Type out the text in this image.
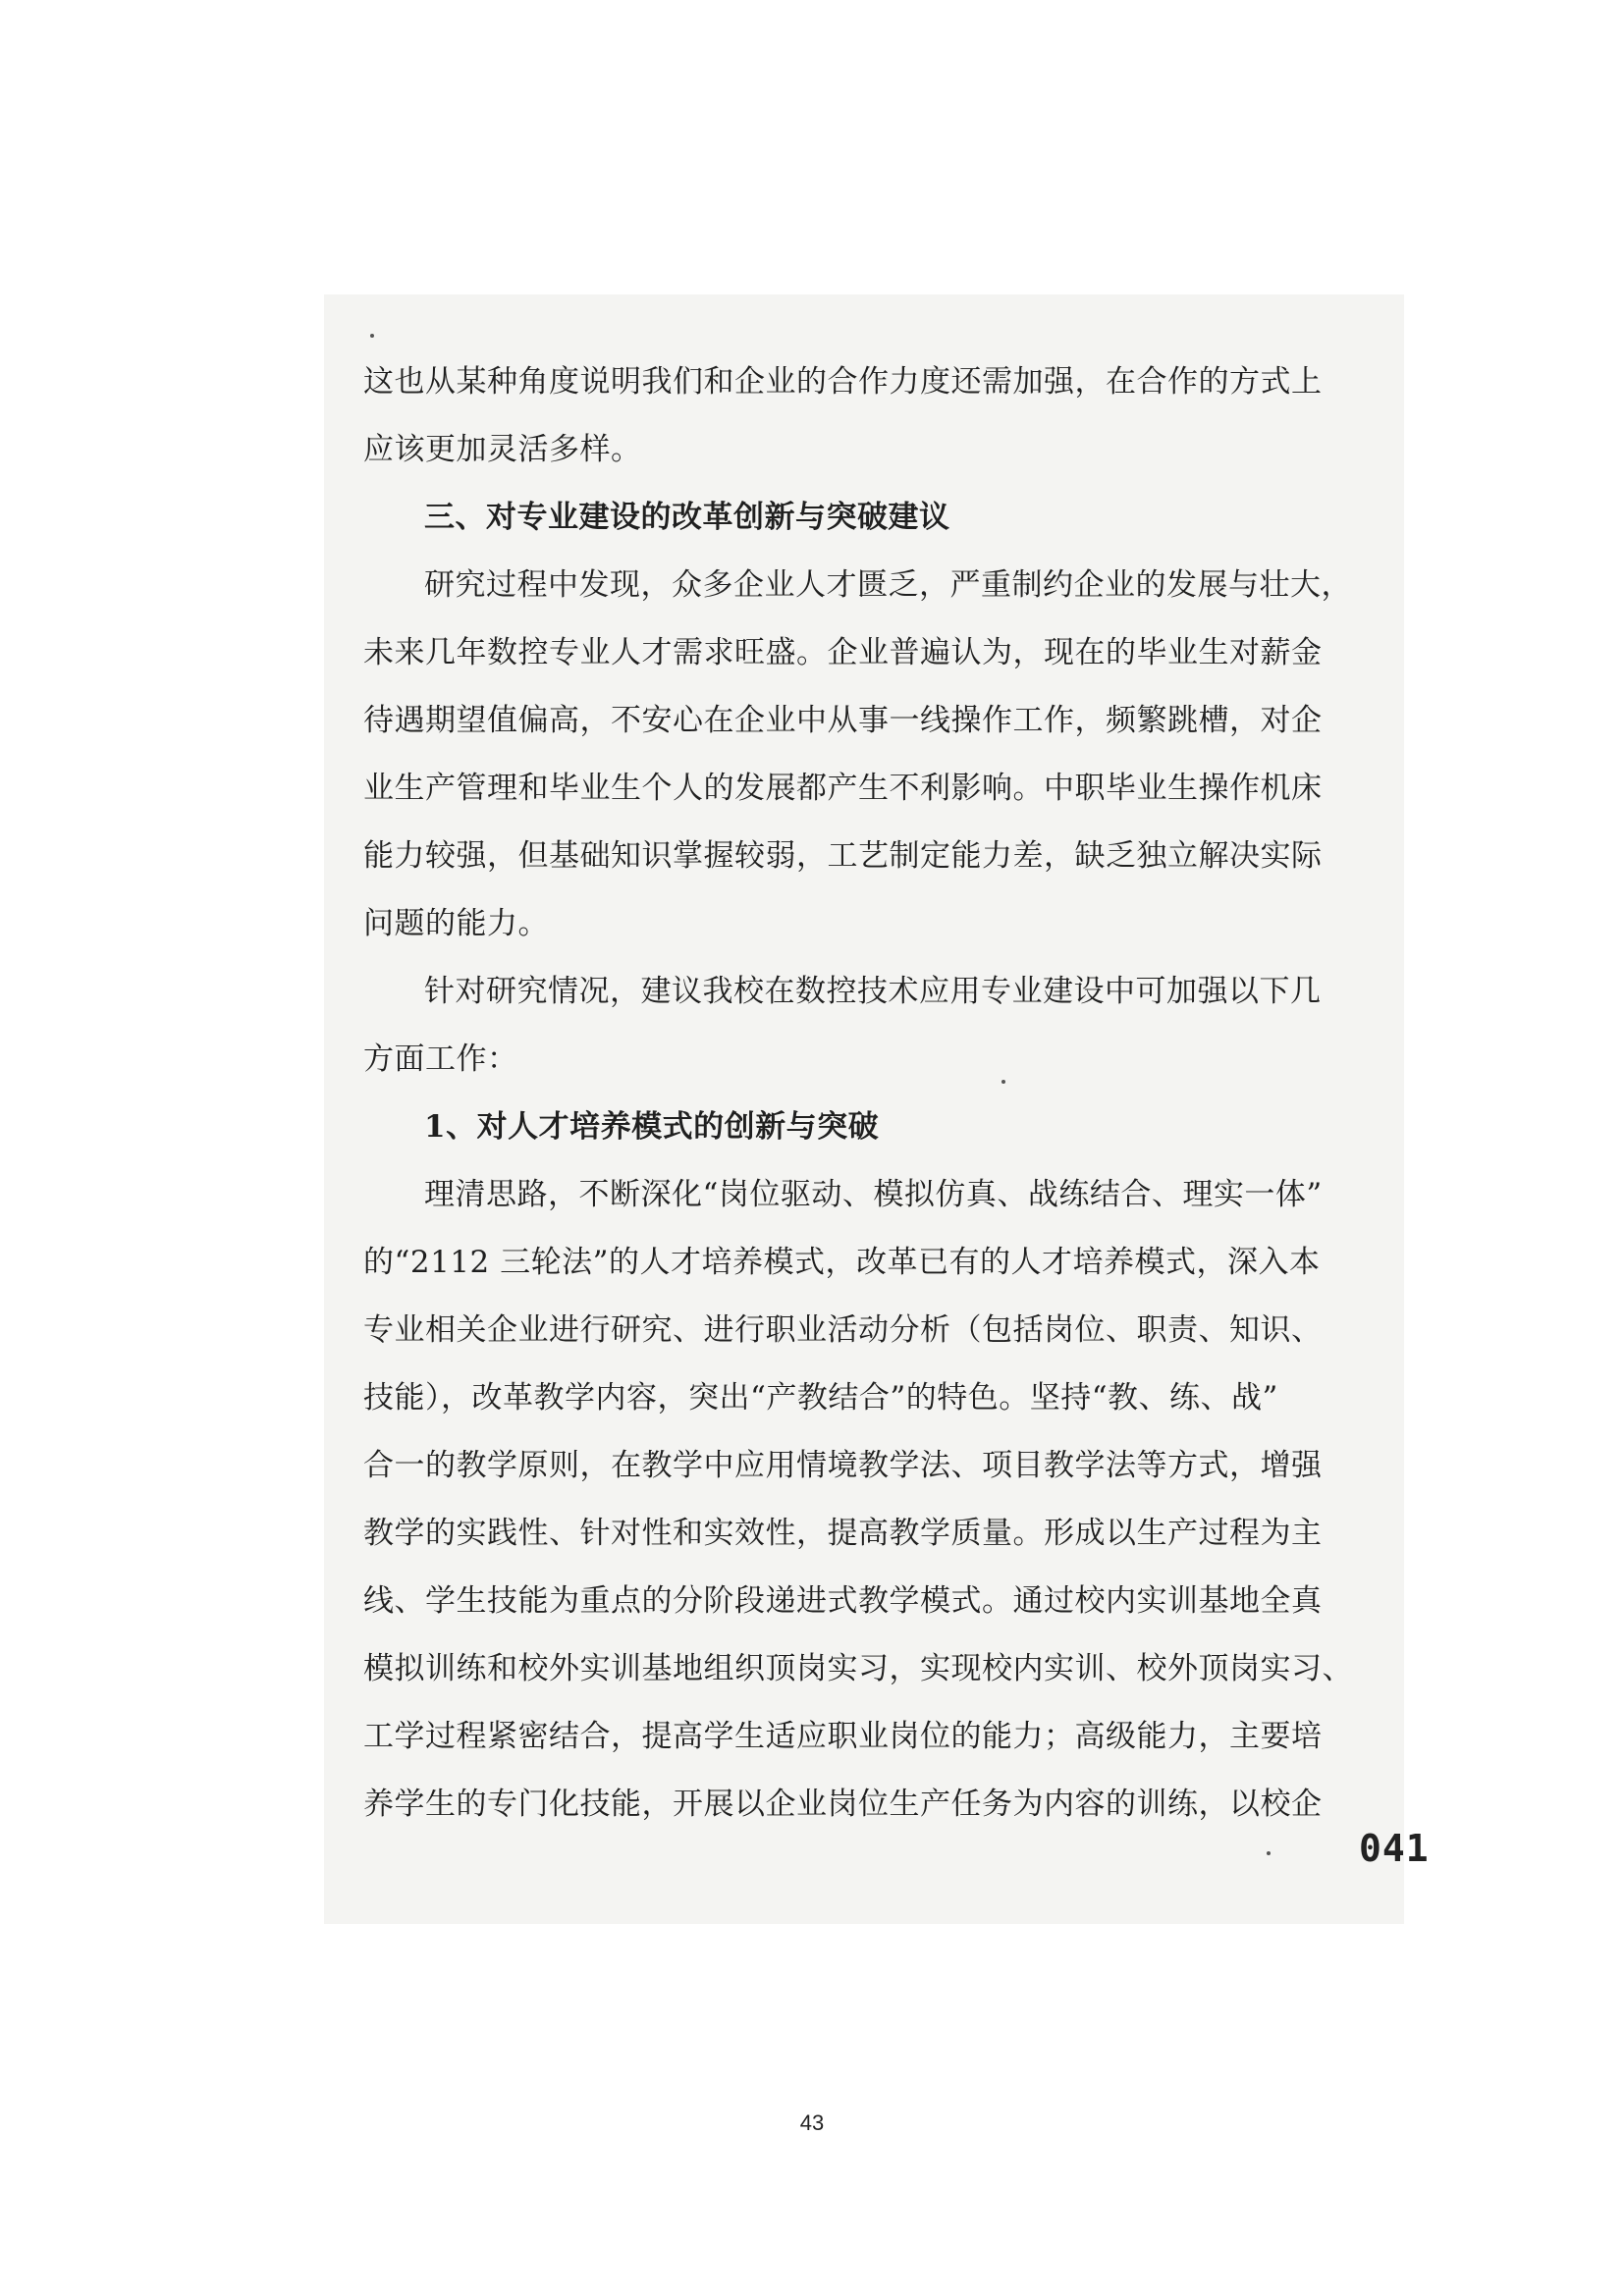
这也从某种角度说明我们和企业的合作力度还需加强，在合作的方式上
应该更加灵活多样。
三、对专业建设的改革创新与突破建议
研究过程中发现，众多企业人才匮乏，严重制约企业的发展与壮大，
未来几年数控专业人才需求旺盛。企业普遍认为，现在的毕业生对薪金
待遇期望值偏高，不安心在企业中从事一线操作工作，频繁跳槽，对企
业生产管理和毕业生个人的发展都产生不利影响。中职毕业生操作机床
能力较强，但基础知识掌握较弱，工艺制定能力差，缺乏独立解决实际
问题的能力。
针对研究情况，建议我校在数控技术应用专业建设中可加强以下几
方面工作：
1、对人才培养模式的创新与突破
理清思路，不断深化“岗位驱动、模拟仿真、战练结合、理实一体”
的“2112 三轮法”的人才培养模式，改革已有的人才培养模式，深入本
专业相关企业进行研究、进行职业活动分析（包括岗位、职责、知识、
技能），改革教学内容，突出“产教结合”的特色。坚持“教、练、战”
合一的教学原则，在教学中应用情境教学法、项目教学法等方式，增强
教学的实践性、针对性和实效性，提高教学质量。形成以生产过程为主
线、学生技能为重点的分阶段递进式教学模式。通过校内实训基地全真
模拟训练和校外实训基地组织顶岗实习，实现校内实训、校外顶岗实习、
工学过程紧密结合，提高学生适应职业岗位的能力；高级能力，主要培
养学生的专门化技能，开展以企业岗位生产任务为内容的训练，以校企
041
43
